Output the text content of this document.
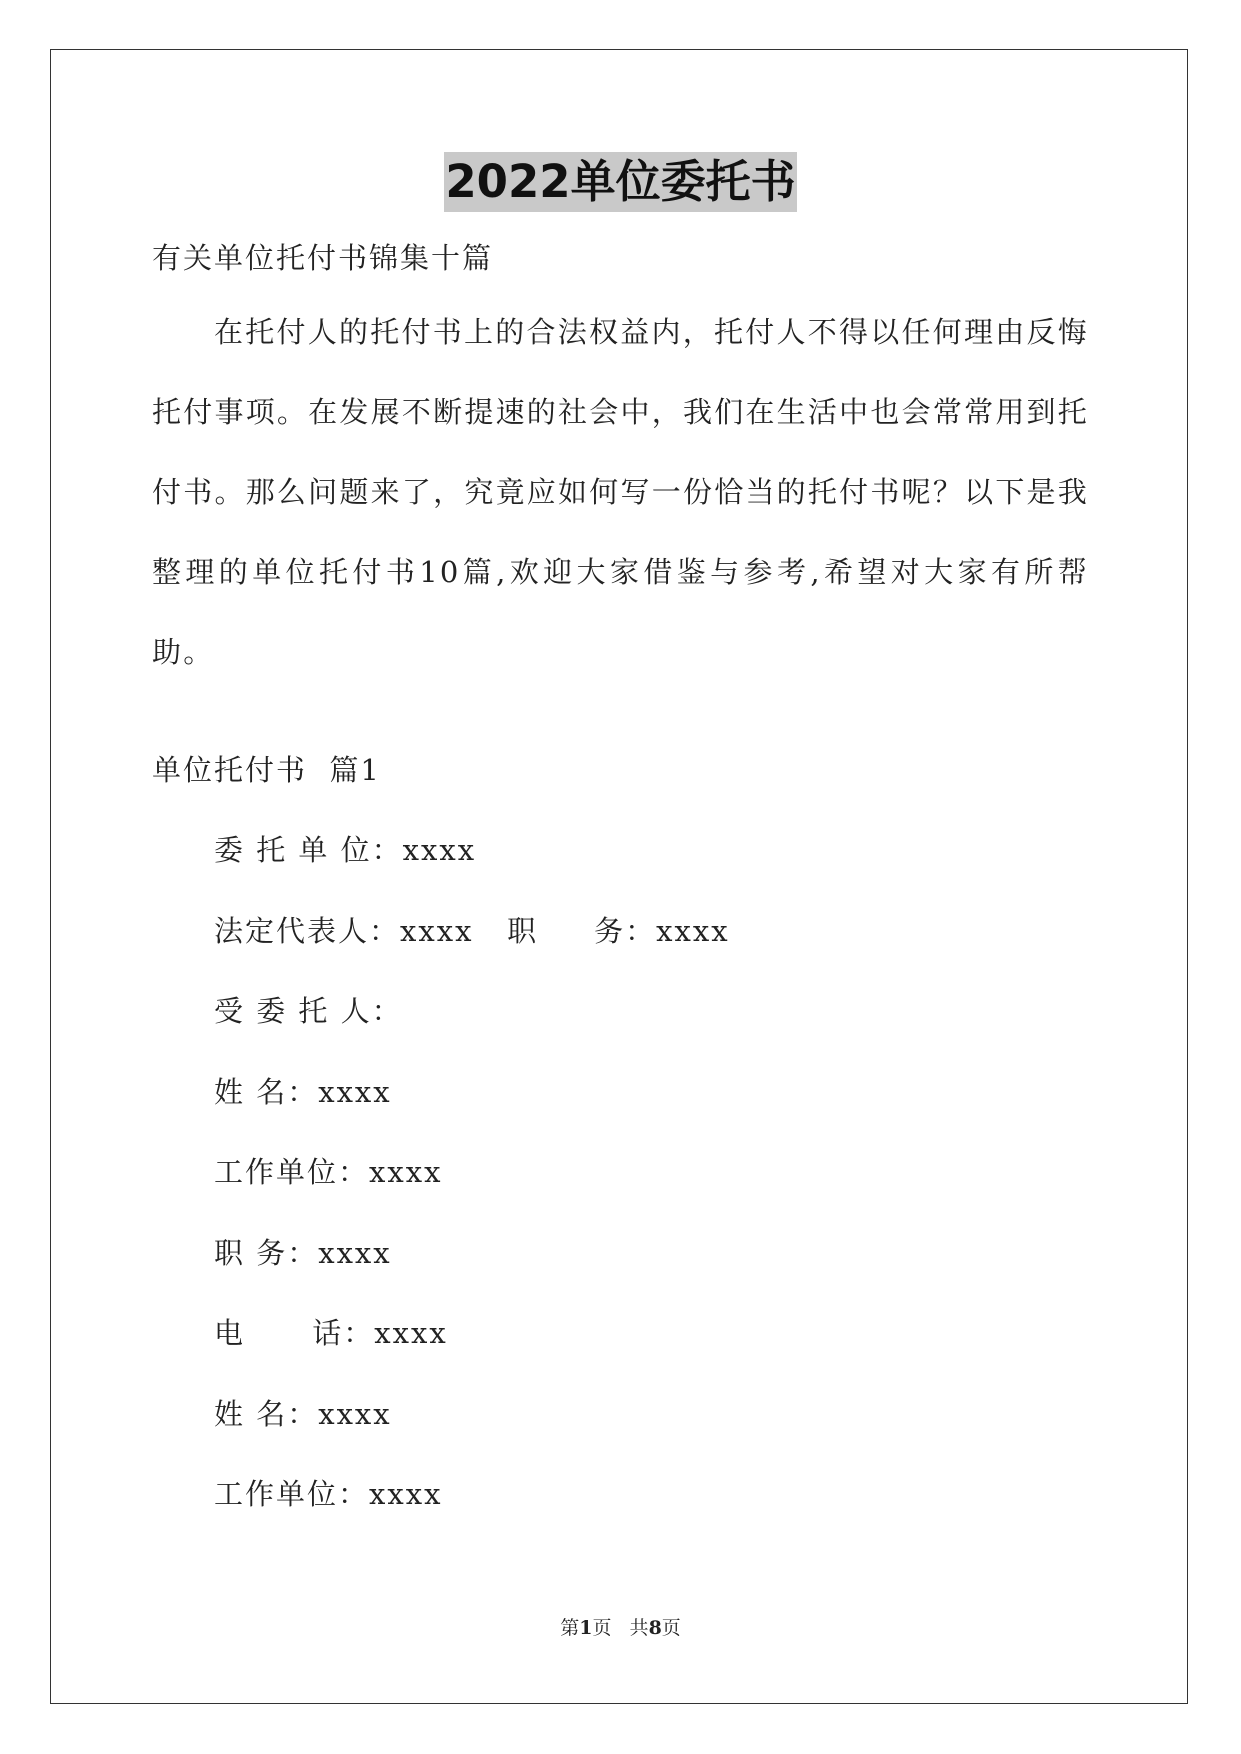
2022单位委托书
有关单位托付书锦集十篇

在托付人的托付书上的合法权益内，托付人不得以任何理由反悔托付事项。在发展不断提速的社会中，我们在生活中也会常常用到托付书。那么问题来了，究竟应如何写一份恰当的托付书呢？以下是我整理的单位托付书10篇,欢迎大家借鉴与参考,希望对大家有所帮助。

单位托付书  篇1
委 托 单 位：xxxx
法定代表人：xxxx   职     务：xxxx
受 委 托 人：
姓 名：xxxx
工作单位：xxxx
职 务：xxxx
电      话：xxxx
姓 名：xxxx
工作单位：xxxx
第1页   共8页
